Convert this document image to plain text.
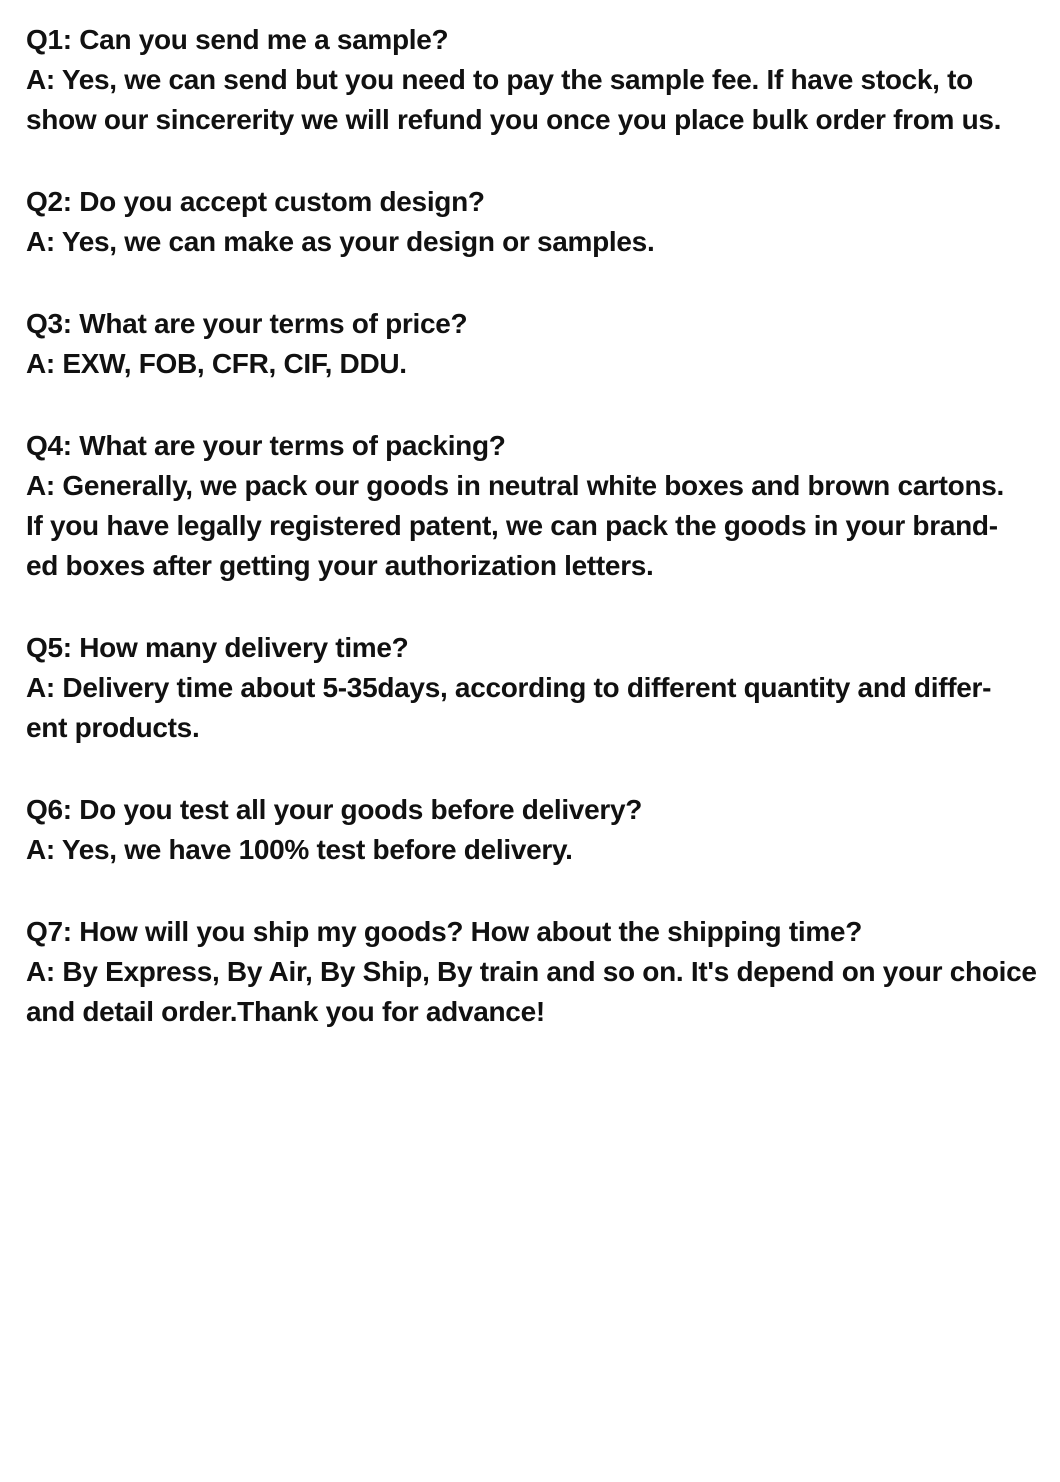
Q1: Can you send me a sample?
A: Yes, we can send but you need to pay the sample fee. If have stock, to
show our sincererity we will refund you once you place bulk order from us.
Q2: Do you accept custom design?
A: Yes, we can make as your design or samples.
Q3: What are your terms of price?
A: EXW, FOB, CFR, CIF, DDU.
Q4: What are your terms of packing?
A: Generally, we pack our goods in neutral white boxes and brown cartons.
If you have legally registered patent, we can pack the goods in your brand-
ed boxes after getting your authorization letters.
Q5: How many delivery time?
A: Delivery time about 5-35days, according to different quantity and differ-
ent products.
Q6: Do you test all your goods before delivery?
A: Yes, we have 100% test before delivery.
Q7: How will you ship my goods? How about the shipping time?
A: By Express, By Air, By Ship, By train and so on. It's depend on your choice
and detail order.Thank you for advance!
